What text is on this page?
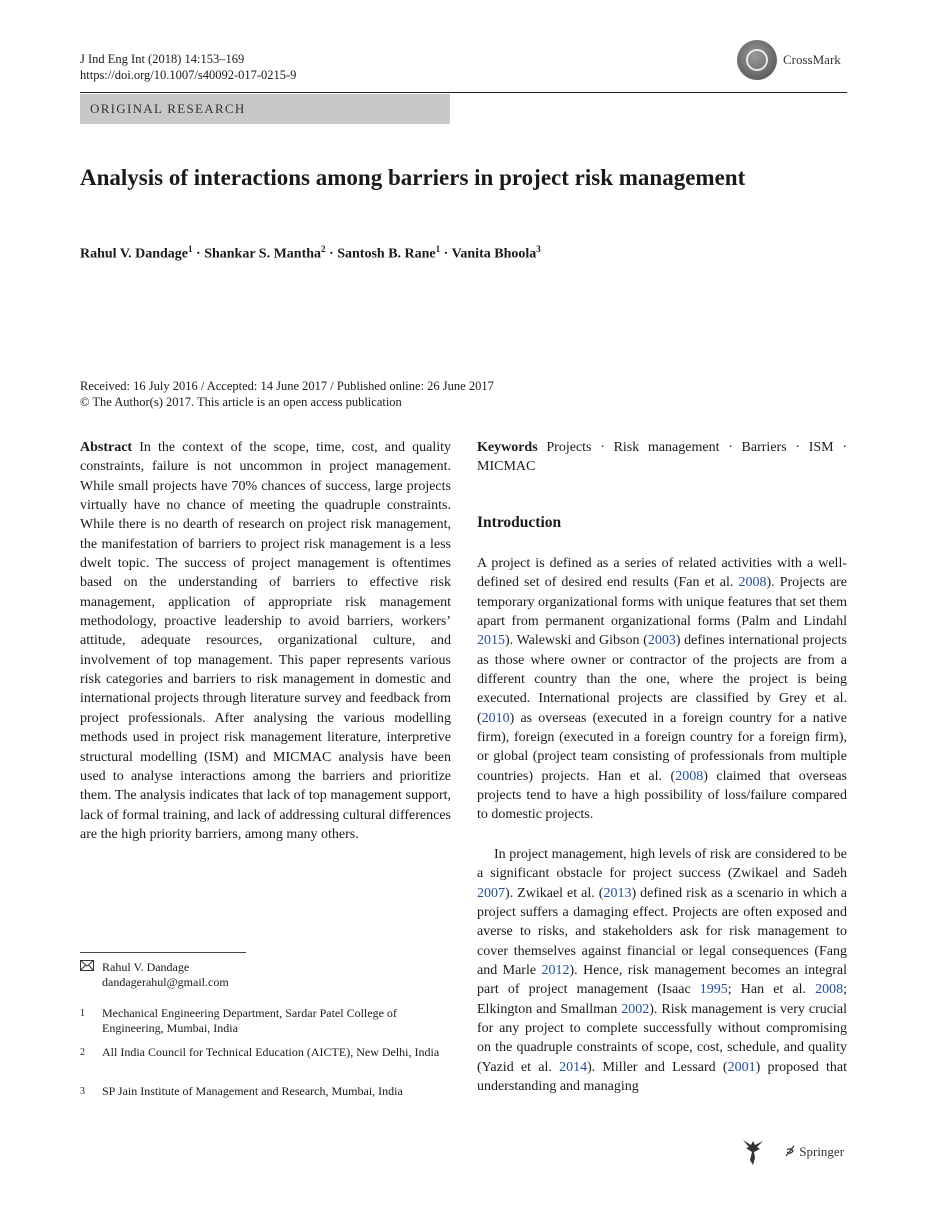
J Ind Eng Int (2018) 14:153–169
https://doi.org/10.1007/s40092-017-0215-9
CrossMark
ORIGINAL RESEARCH
Analysis of interactions among barriers in project risk management
Rahul V. Dandage$^1$ · Shankar S. Mantha$^2$ · Santosh B. Rane$^1$ · Vanita Bhoola$^3$
Received: 16 July 2016 / Accepted: 14 June 2017 / Published online: 26 June 2017
© The Author(s) 2017. This article is an open access publication
Abstract In the context of the scope, time, cost, and quality constraints, failure is not uncommon in project management. While small projects have 70% chances of success, large projects virtually have no chance of meeting the quadruple constraints. While there is no dearth of research on project risk management, the manifestation of barriers to project risk management is a less dwelt topic. The success of project management is oftentimes based on the understanding of barriers to effective risk management, application of appropriate risk management methodology, proactive leadership to avoid barriers, workers’ attitude, adequate resources, organizational culture, and involvement of top management. This paper represents various risk categories and barriers to risk management in domestic and international projects through literature survey and feedback from project professionals. After analysing the various modelling methods used in project risk management literature, interpretive structural modelling (ISM) and MICMAC analysis have been used to analyse interactions among the barriers and prioritize them. The analysis indicates that lack of top management support, lack of formal training, and lack of addressing cultural differences are the high priority barriers, among many others.
Keywords Projects · Risk management · Barriers · ISM · MICMAC
Introduction
A project is defined as a series of related activities with a well-defined set of desired end results (Fan et al. 2008). Projects are temporary organizational forms with unique features that set them apart from permanent organizational forms (Palm and Lindahl 2015). Walewski and Gibson (2003) defines international projects as those where owner or contractor of the projects are from a different country than the one, where the project is being executed. International projects are classified by Grey et al. (2010) as overseas (executed in a foreign country for a native firm), foreign (executed in a foreign country for a foreign firm), or global (project team consisting of professionals from multiple countries) projects. Han et al. (2008) claimed that overseas projects tend to have a high possibility of loss/failure compared to domestic projects.
In project management, high levels of risk are considered to be a significant obstacle for project success (Zwikael and Sadeh 2007). Zwikael et al. (2013) defined risk as a scenario in which a project suffers a damaging effect. Projects are often exposed and averse to risks, and stakeholders ask for risk management to cover themselves against financial or legal consequences (Fang and Marle 2012). Hence, risk management becomes an integral part of project management (Isaac 1995; Han et al. 2008; Elkington and Smallman 2002). Risk management is very crucial for any project to complete successfully without compromising on the quadruple constraints of scope, cost, schedule, and quality (Yazid et al. 2014). Miller and Lessard (2001) proposed that understanding and managing
Rahul V. Dandage
dandagerahul@gmail.com
1 Mechanical Engineering Department, Sardar Patel College of Engineering, Mumbai, India
2 All India Council for Technical Education (AICTE), New Delhi, India
3 SP Jain Institute of Management and Research, Mumbai, India
Springer
